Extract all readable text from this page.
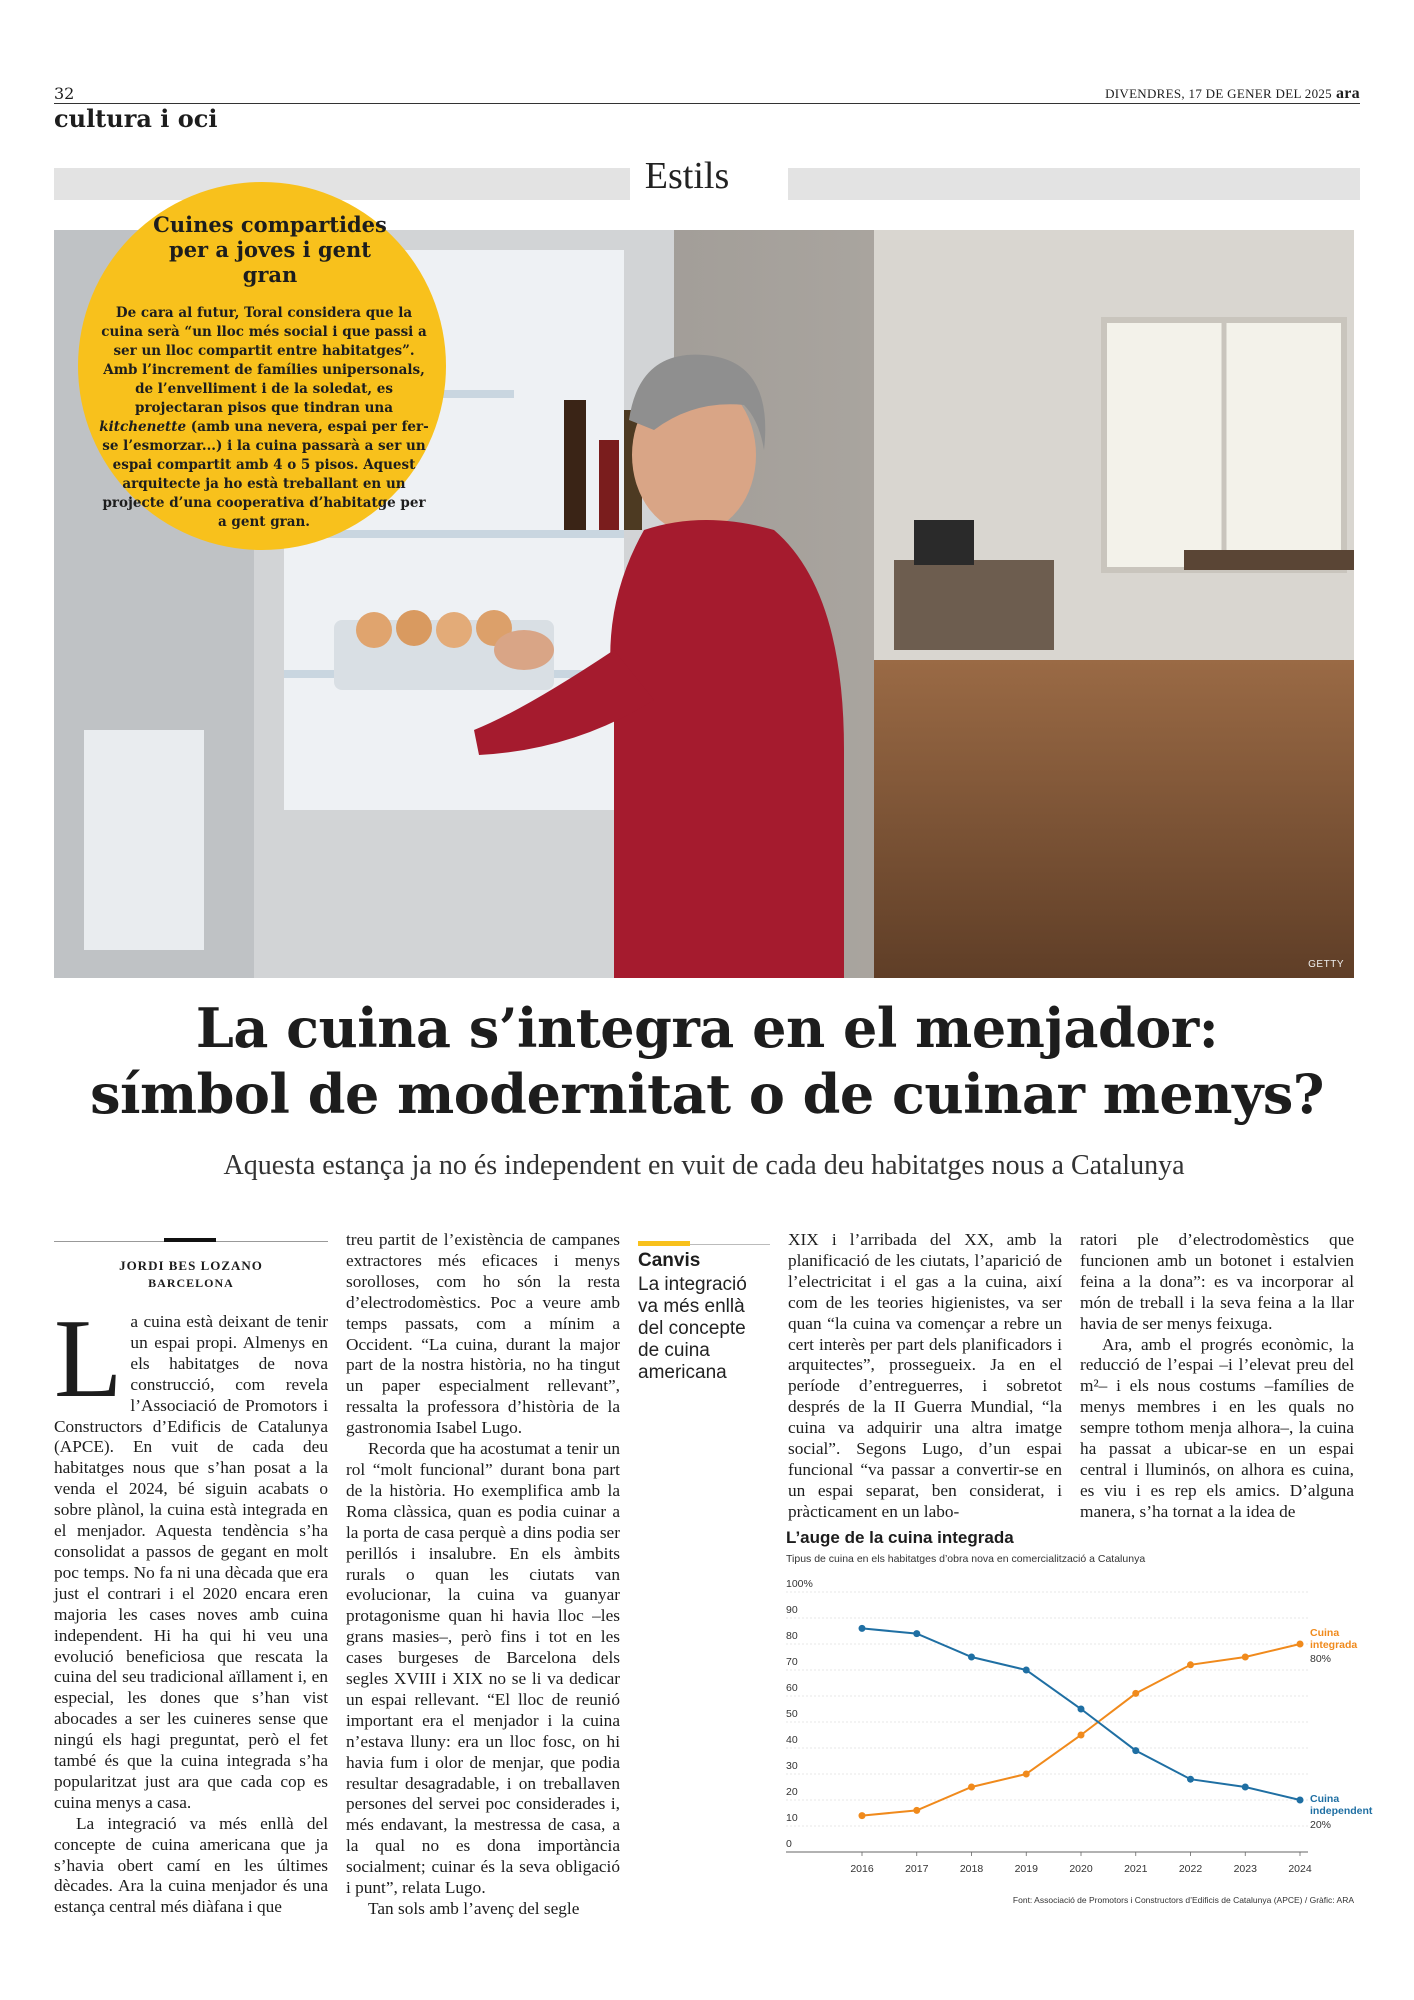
32	DIVENDRES, 17 DE GENER DEL 2025 ara
cultura i oci
Estils
GETTY
Cuines compartides per a joves i gent gran
De cara al futur, Toral considera que la cuina serà “un lloc més social i que passi a ser un lloc compartit entre habitatges”. Amb l’increment de famílies unipersonals, de l’envelliment i de la soledat, es projectaran pisos que tindran una kitchenette (amb una nevera, espai per fer-se l’esmorzar...) i la cuina passarà a ser un espai compartit amb 4 o 5 pisos. Aquest arquitecte ja ho està treballant en un projecte d’una cooperativa d’habitatge per a gent gran.
La cuina s’integra en el menjador:
símbol de modernitat o de cuinar menys?
Aquesta estança ja no és independent en vuit de cada deu habitatges nous a Catalunya
JORDI BES LOZANO
BARCELONA

La cuina està deixant de tenir un espai propi. Almenys en els habitatges de nova construcció, com revela l’Associació de Promotors i Constructors d’Edificis de Catalunya (APCE). En vuit de cada deu habitatges nous que s’han posat a la venda el 2024, bé siguin acabats o sobre plànol, la cuina està integrada en el menjador. Aquesta tendència s’ha consolidat a passos de gegant en molt poc temps. No fa ni una dècada que era just el contrari i el 2020 encara eren majoria les cases noves amb cuina independent. Hi ha qui hi veu una evolució beneficiosa que rescata la cuina del seu tradicional aïllament i, en especial, les dones que s’han vist abocades a ser les cuineres sense que ningú els hagi preguntat, però el fet també és que la cuina integrada s’ha popularitzat just ara que cada cop es cuina menys a casa.

La integració va més enllà del concepte de cuina americana que ja s’havia obert camí en les últimes dècades. Ara la cuina menjador és una estança central més diàfana i que

treu partit de l’existència de campanes extractores més eficaces i menys sorolloses, com ho són la resta d’electrodomèstics. Poc a veure amb temps passats, com a mínim a Occident. “La cuina, durant la major part de la nostra història, no ha tingut un paper especialment rellevant”, ressalta la professora d’història de la gastronomia Isabel Lugo.

Recorda que ha acostumat a tenir un rol “molt funcional” durant bona part de la història. Ho exemplifica amb la Roma clàssica, quan es podia cuinar a la porta de casa perquè a dins podia ser perillós i insalubre. En els àmbits rurals o quan les ciutats van evolucionar, la cuina va guanyar protagonisme quan hi havia lloc –les grans masies–, però fins i tot en les cases burgeses de Barcelona dels segles XVIII i XIX no se li va dedicar un espai rellevant. “El lloc de reunió important era el menjador i la cuina n’estava lluny: era un lloc fosc, on hi havia fum i olor de menjar, que podia resultar desagradable, i on treballaven persones del servei poc considerades i, més endavant, la mestressa de casa, a la qual no es dona importància socialment; cuinar és la seva obligació i punt”, relata Lugo.

Tan sols amb l’avenç del segle

Canvis
La integració va més enllà del concepte de cuina americana

XIX i l’arribada del XX, amb la planificació de les ciutats, l’aparició de l’electricitat i el gas a la cuina, així com de les teories higienistes, va ser quan “la cuina va començar a rebre un cert interès per part dels planificadors i arquitectes”, prossegueix. Ja en el període d’entreguerres, i sobretot després de la II Guerra Mundial, “la cuina va adquirir una altra imatge social”. Segons Lugo, d’un espai funcional “va passar a convertir-se en un espai separat, ben considerat, i pràcticament en un labo-

ratori ple d’electrodomèstics que funcionen amb un botonet i estalvien feina a la dona”: es va incorporar al món de treball i la seva feina a la llar havia de ser menys feixuga.

Ara, amb el progrés econòmic, la reducció de l’espai –i l’elevat preu del m²– i els nous costums –famílies de menys membres i en les quals no sempre tothom menja alhora–, la cuina ha passat a ubicar-se en un espai central i lluminós, on alhora es cuina, es viu i es rep els amics. D’alguna manera, s’ha tornat a la idea de

L’auge de la cuina integrada
Tipus de cuina en els habitatges d’obra nova en comercialització a Catalunya
0
10
20
30
40
50
60
70
80
90
100%
2016	2017	2018	2019	2020	2021	2022	2023	2024
Cuina
integrada
80%
Cuina
independent
20%
Font: Associació de Promotors i Constructors d’Edificis de Catalunya (APCE) / Gràfic: ARA
